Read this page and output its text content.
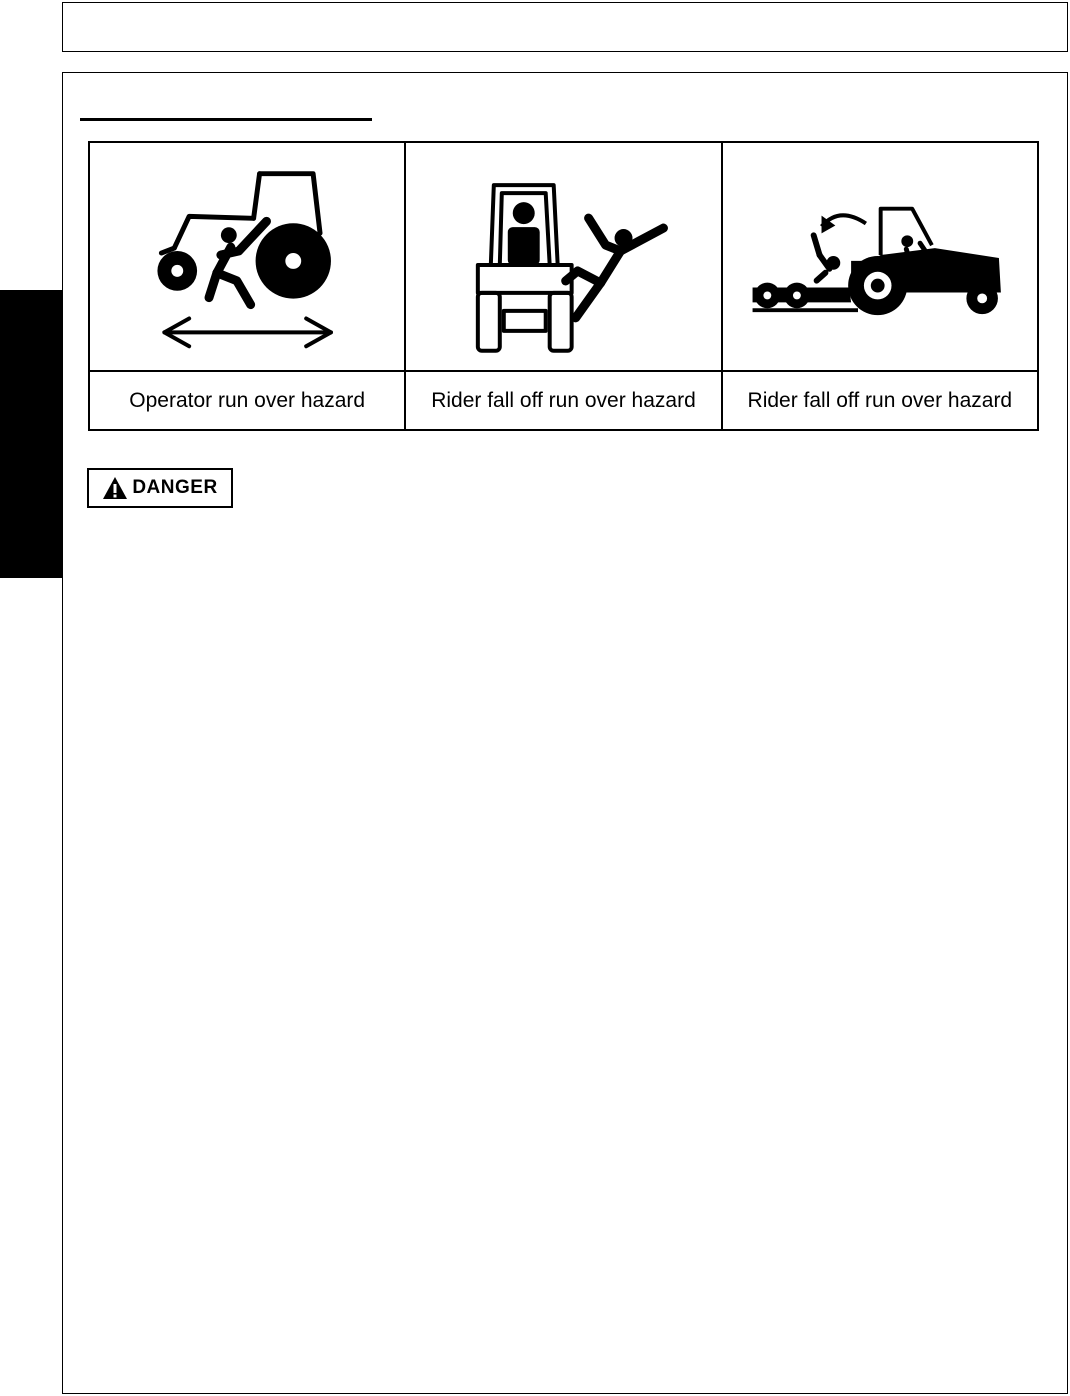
Operator run over hazard	Rider fall off run over hazard	Rider fall off run over hazard
DANGER
